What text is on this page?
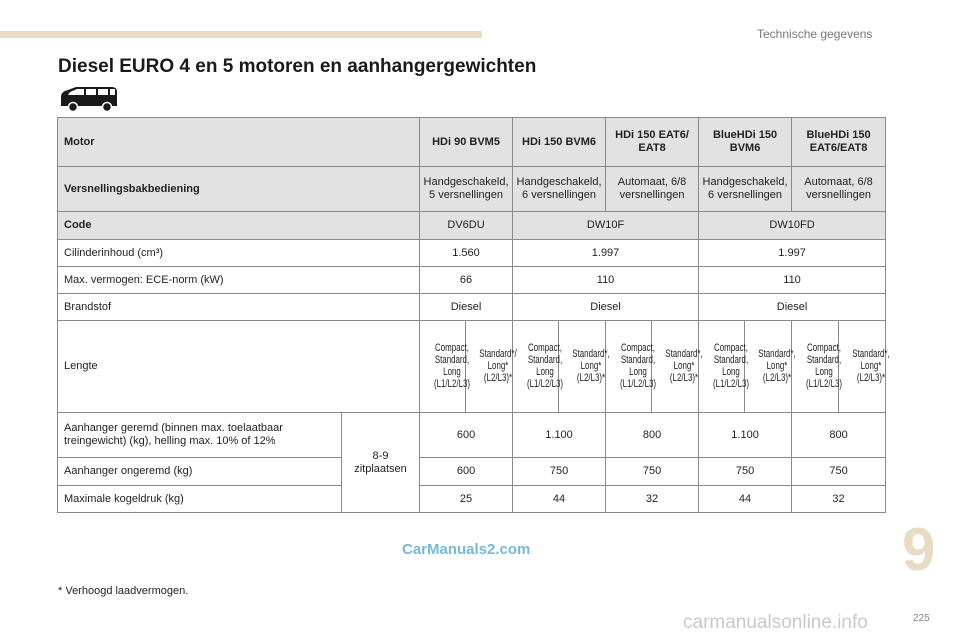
Technische gegevens
Diesel EURO 4 en 5 motoren en aanhangergewichten
Motor		HDi 90 BVM5		HDi 150 BVM6		HDi 150 EAT6/ EAT8		BlueHDi 150 BVM6		BlueHDi 150 EAT6/EAT8	
Versnellingsbakbediening		Handgeschakeld, 5 versnellingen		Handgeschakeld, 6 versnellingen		Automaat, 6/8 versnellingen		Handgeschakeld, 6 versnellingen		Automaat, 6/8 versnellingen	
Code		DV6DU		DW10F				DW10FD			
Cilinderinhoud (cm³)		1.560		1.997				1.997			
Max. vermogen: ECE-norm (kW)		66		110				110			
Brandstof		Diesel		Diesel				Diesel			
Lengte		Compact, Standard, Long (L1/L2/L3)	Standard*/ Long* (L2/L3)*	Compact, Standard, Long (L1/L2/L3)	Standard*, Long* (L2/L3)*	Compact, Standard, Long (L1/L2/L3)	Standard*, Long* (L2/L3)*	Compact, Standard, Long (L1/L2/L3)	Standard*, Long* (L2/L3)*	Compact, Standard, Long (L1/L2/L3)	Standard*, Long* (L2/L3)*
Aanhanger geremd (binnen max. toelaatbaar treingewicht) (kg), helling max. 10% of 12%	8-9 zitplaatsen	600		1.100		800		1.100		800	
Aanhanger ongeremd (kg)		600		750		750		750		750	
Maximale kogeldruk (kg)		25		44		32		44		32	
9
CarManuals2.com
* Verhoogd laadvermogen.
carmanualsonline.info	225
